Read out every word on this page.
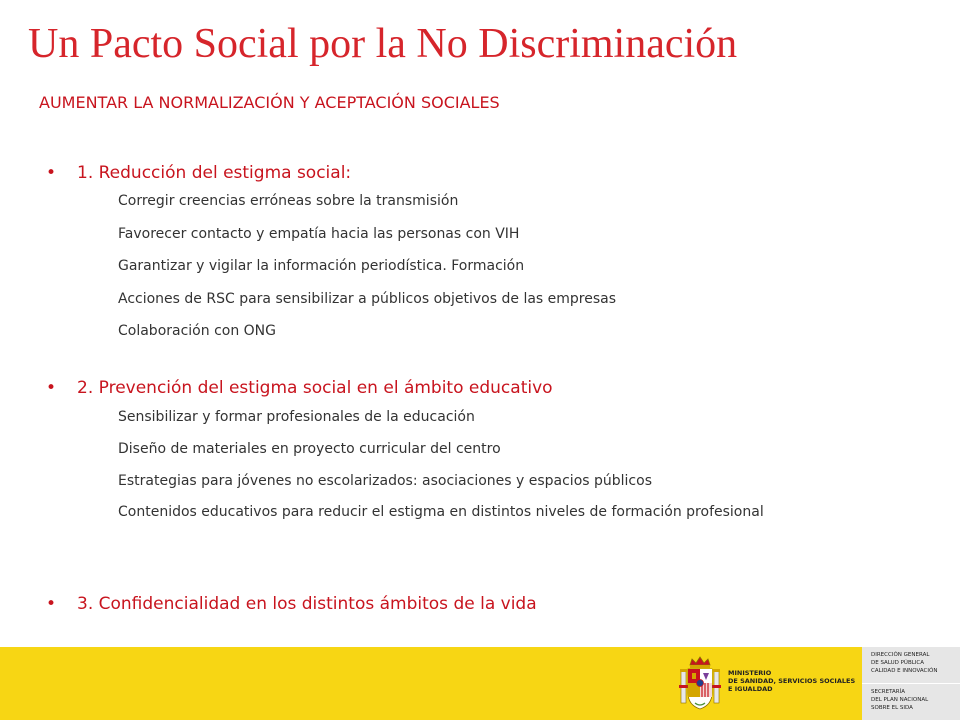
Un Pacto Social por la No Discriminación
AUMENTAR LA NORMALIZACIÓN Y ACEPTACIÓN SOCIALES
• 1. Reducción del estigma social:
Corregir creencias erróneas sobre la transmisión
Favorecer contacto y empatía hacia las personas con VIH
Garantizar y vigilar la información periodística. Formación
Acciones de RSC para sensibilizar a públicos objetivos de las empresas
Colaboración con ONG
• 2. Prevención del estigma social en el ámbito educativo
Sensibilizar y formar profesionales de la educación
Diseño de materiales en proyecto curricular del centro
Estrategias para jóvenes no escolarizados: asociaciones y espacios públicos
Contenidos educativos para reducir el estigma en distintos niveles de formación profesional
• 3. Confidencialidad en los distintos ámbitos de la vida
MINISTERIO
DE SANIDAD, SERVICIOS SOCIALES
E IGUALDAD
DIRECCIÓN GENERAL
DE SALUD PÚBLICA
CALIDAD E INNOVACIÓN
SECRETARÍA
DEL PLAN NACIONAL
SOBRE EL SIDA
